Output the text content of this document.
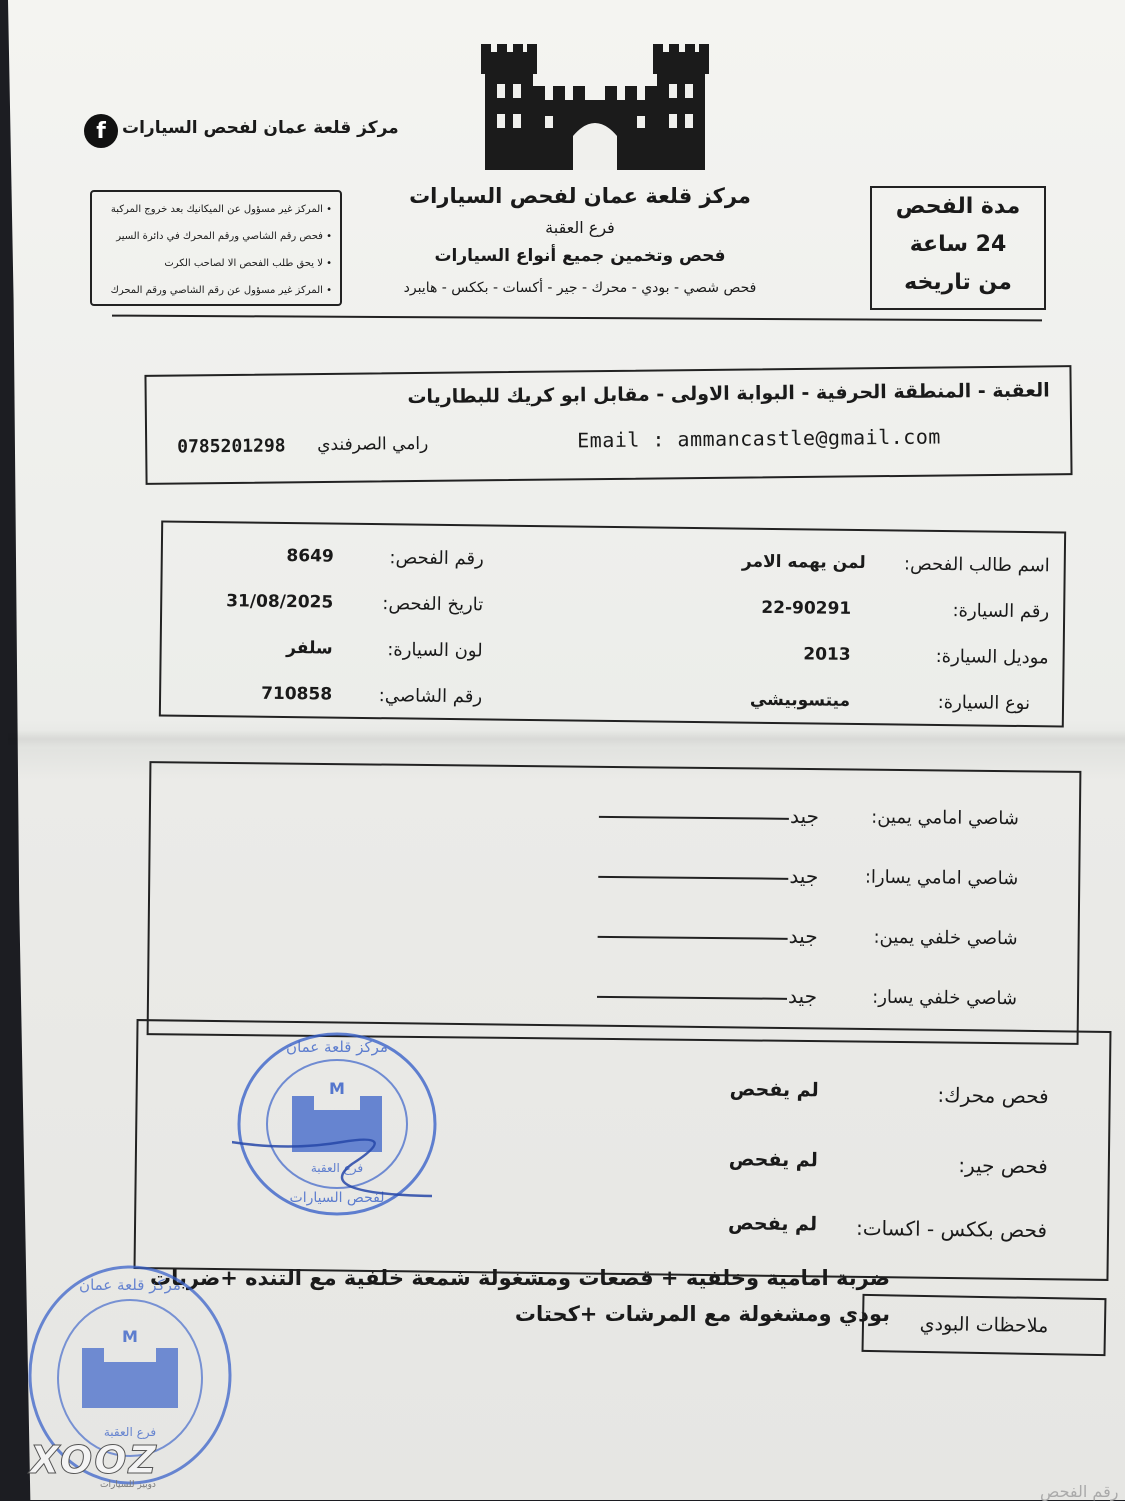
f مركز قلعة عمان لفحص السيارات
مركز قلعة عمان لفحص السيارات
فرع العقبة
فحص وتخمين جميع أنواع السيارات
فحص شصي - بودي - محرك - جير - أكسات - بككس - هايبرد
• المركز غير مسؤول عن الميكانيك بعد خروج المركبة
• فحص رقم الشاصي ورقم المحرك في دائرة السير
• لا يحق طلب الفحص الا لصاحب الكرت
• المركز غير مسؤول عن رقم الشاصي ورقم المحرك
مدة الفحص
24 ساعة
من تاريخه
العقبة - المنطقة الحرفية - البوابة الاولى - مقابل ابو كريك للبطاريات
Email : ammancastle@gmail.com
رامي الصرفندي
0785201298
اسم طالب الفحص:
لمن يهمه الامر
رقم السيارة:
22-90291
موديل السيارة:
2013
نوع السيارة:
ميتسوبيشي
رقم الفحص:
8649
تاريخ الفحص:
31/08/2025
لون السيارة:
سلفر
رقم الشاصي:
710858
شاصي امامي يمين:
جيد
شاصي امامي يسارا:
جيد
شاصي خلفي يمين:
جيد
شاصي خلفي يسار:
جيد
فحص محرك:
لم يفحص
فحص جير:
لم يفحص
فحص بككس - اكسات:
لم يفحص
ملاحظات البودي
ضربة امامية وخلفية + قصعات ومشغولة شمعة خلفية مع التنده +ضربات
بودي ومشغولة مع المرشات +كحتات
M
مركز قلعة عمان
فرع العقبة
لفحص السيارات
M
مركز قلعة عمان
فرع العقبة
XOOZ
دوبيز للسيارات	رقم الفحص
